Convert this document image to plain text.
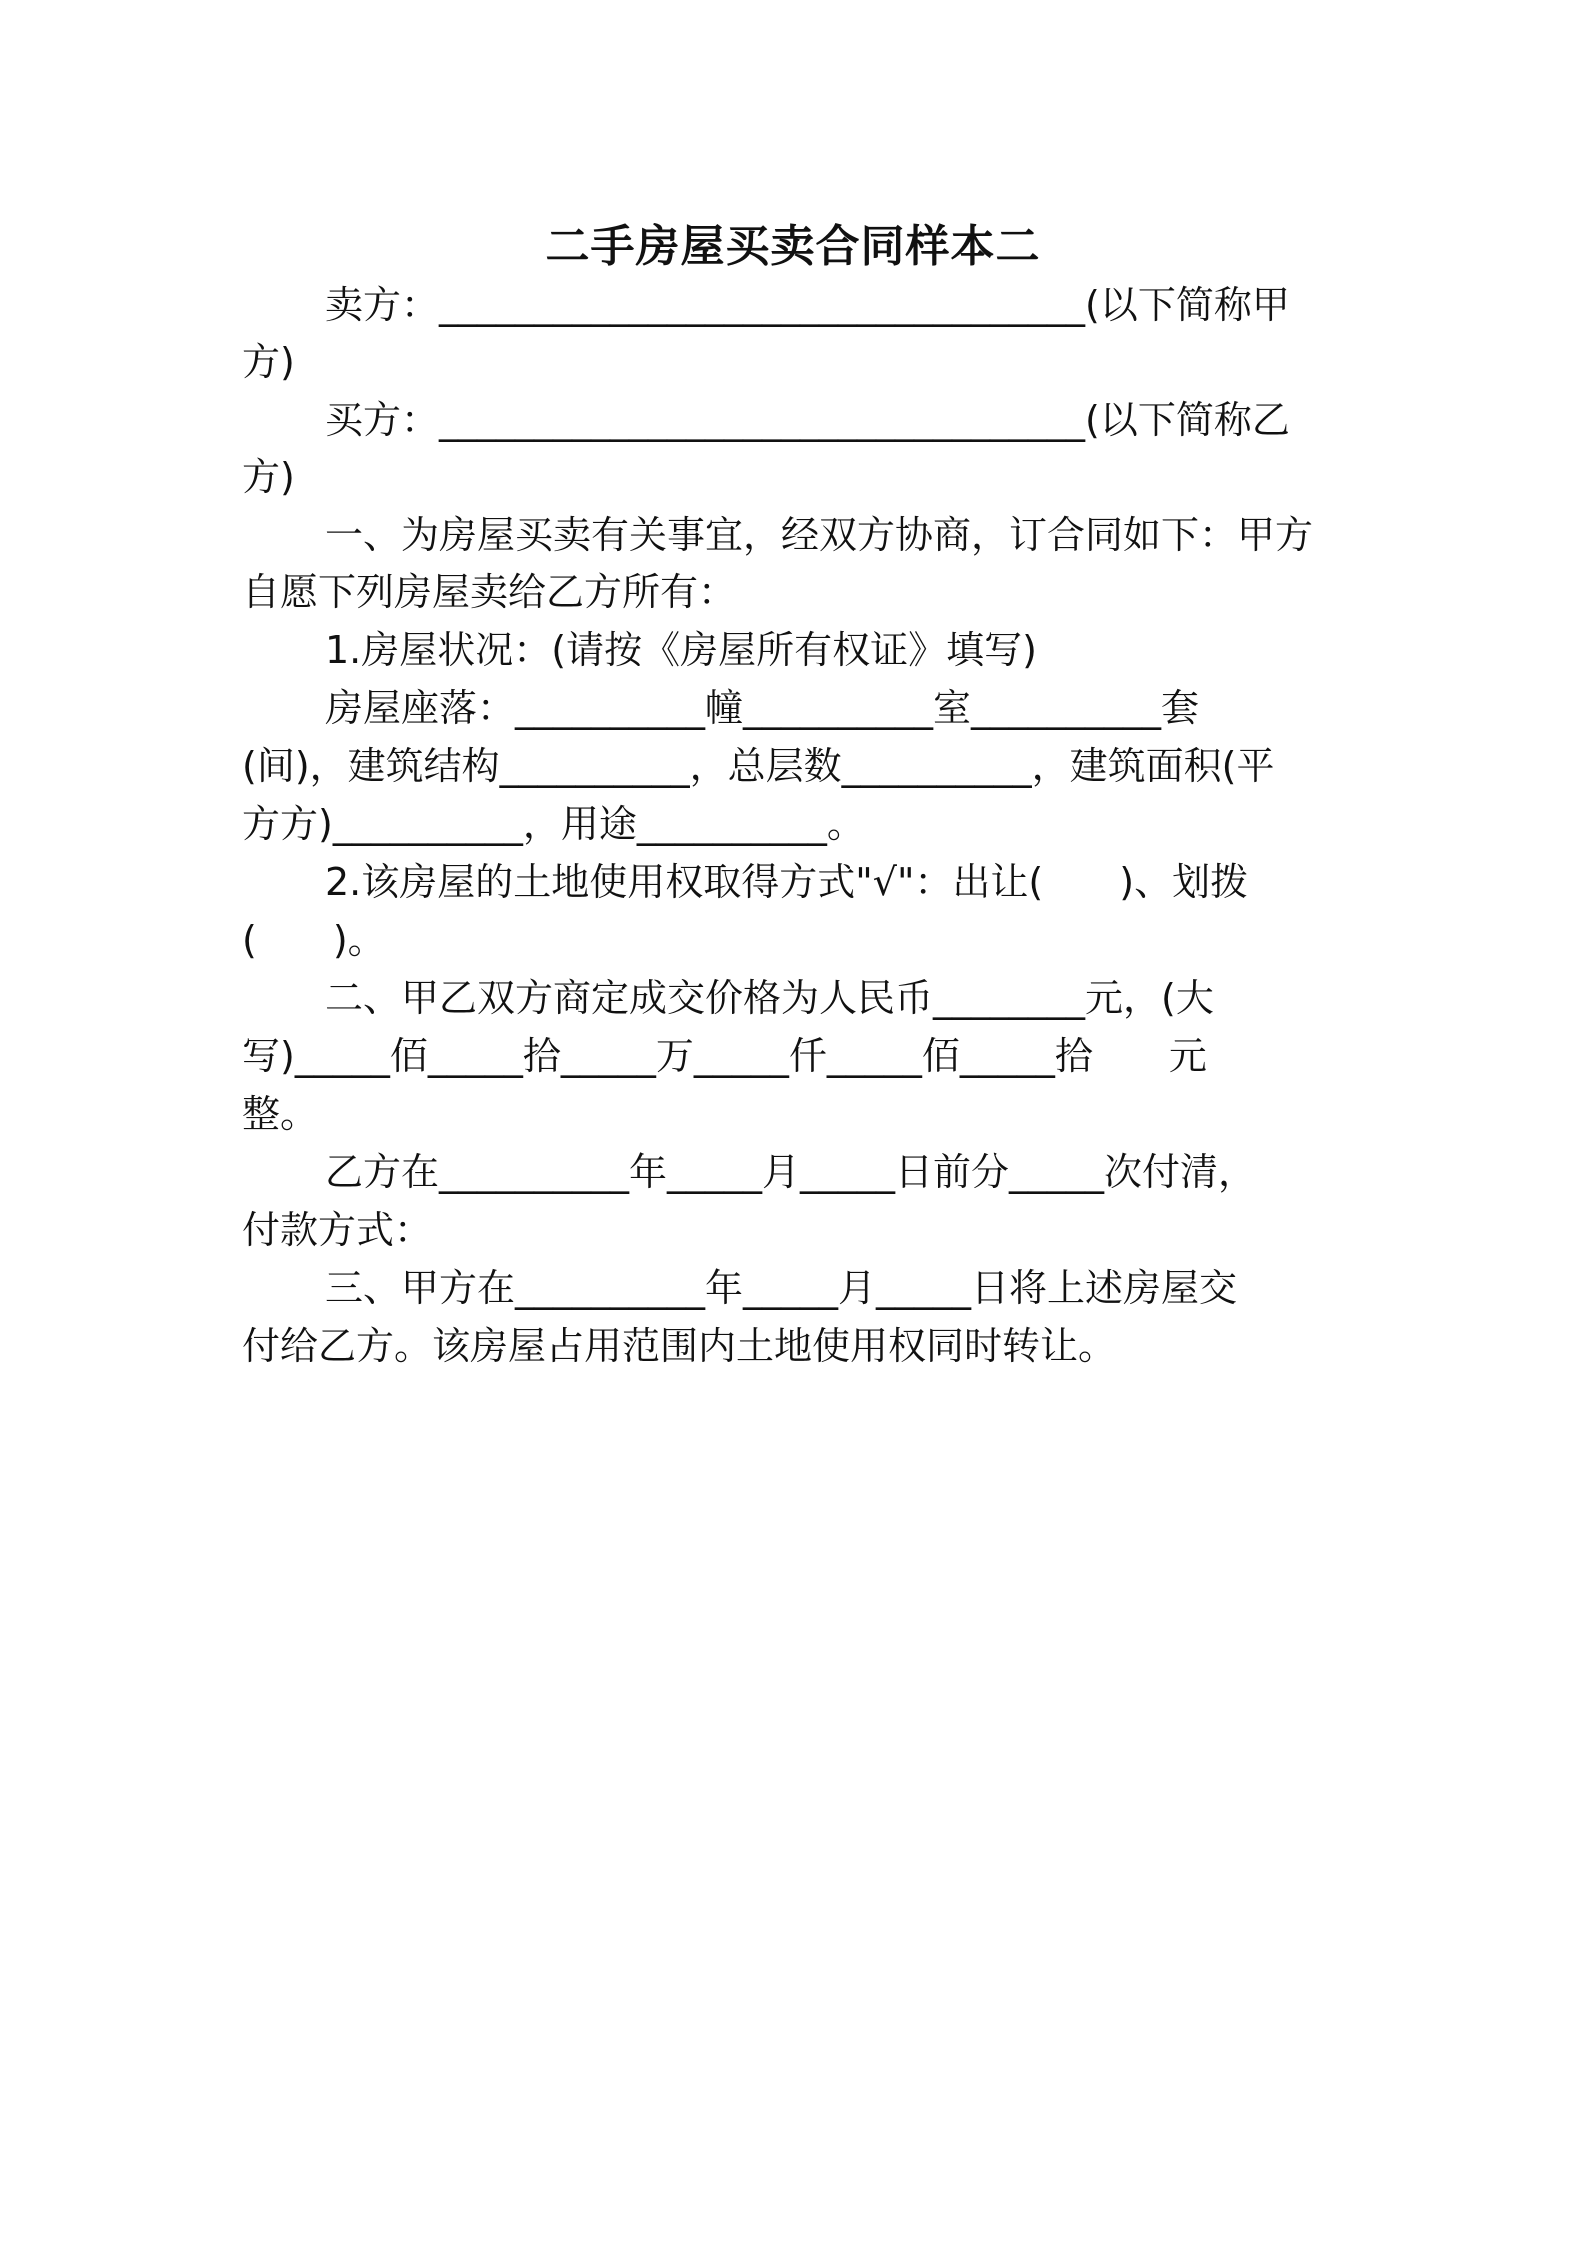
二手房屋买卖合同样本二
卖方：__________________________________(以下简称甲
方)
买方：__________________________________(以下简称乙
方)
一、为房屋买卖有关事宜，经双方协商，订合同如下：甲方
自愿下列房屋卖给乙方所有：
1.房屋状况：(请按《房屋所有权证》填写)
房屋座落：__________幢__________室__________套
(间)，建筑结构__________，总层数__________，建筑面积(平
方方)__________，用途__________。
2.该房屋的土地使用权取得方式"√"：出让(　　)、划拨
(　　)。
二、甲乙双方商定成交价格为人民币________元，(大
写)_____佰_____拾_____万_____仟_____佰_____拾　　元
整。
乙方在__________年_____月_____日前分_____次付清，
付款方式：
三、甲方在__________年_____月_____日将上述房屋交
付给乙方。该房屋占用范围内土地使用权同时转让。
